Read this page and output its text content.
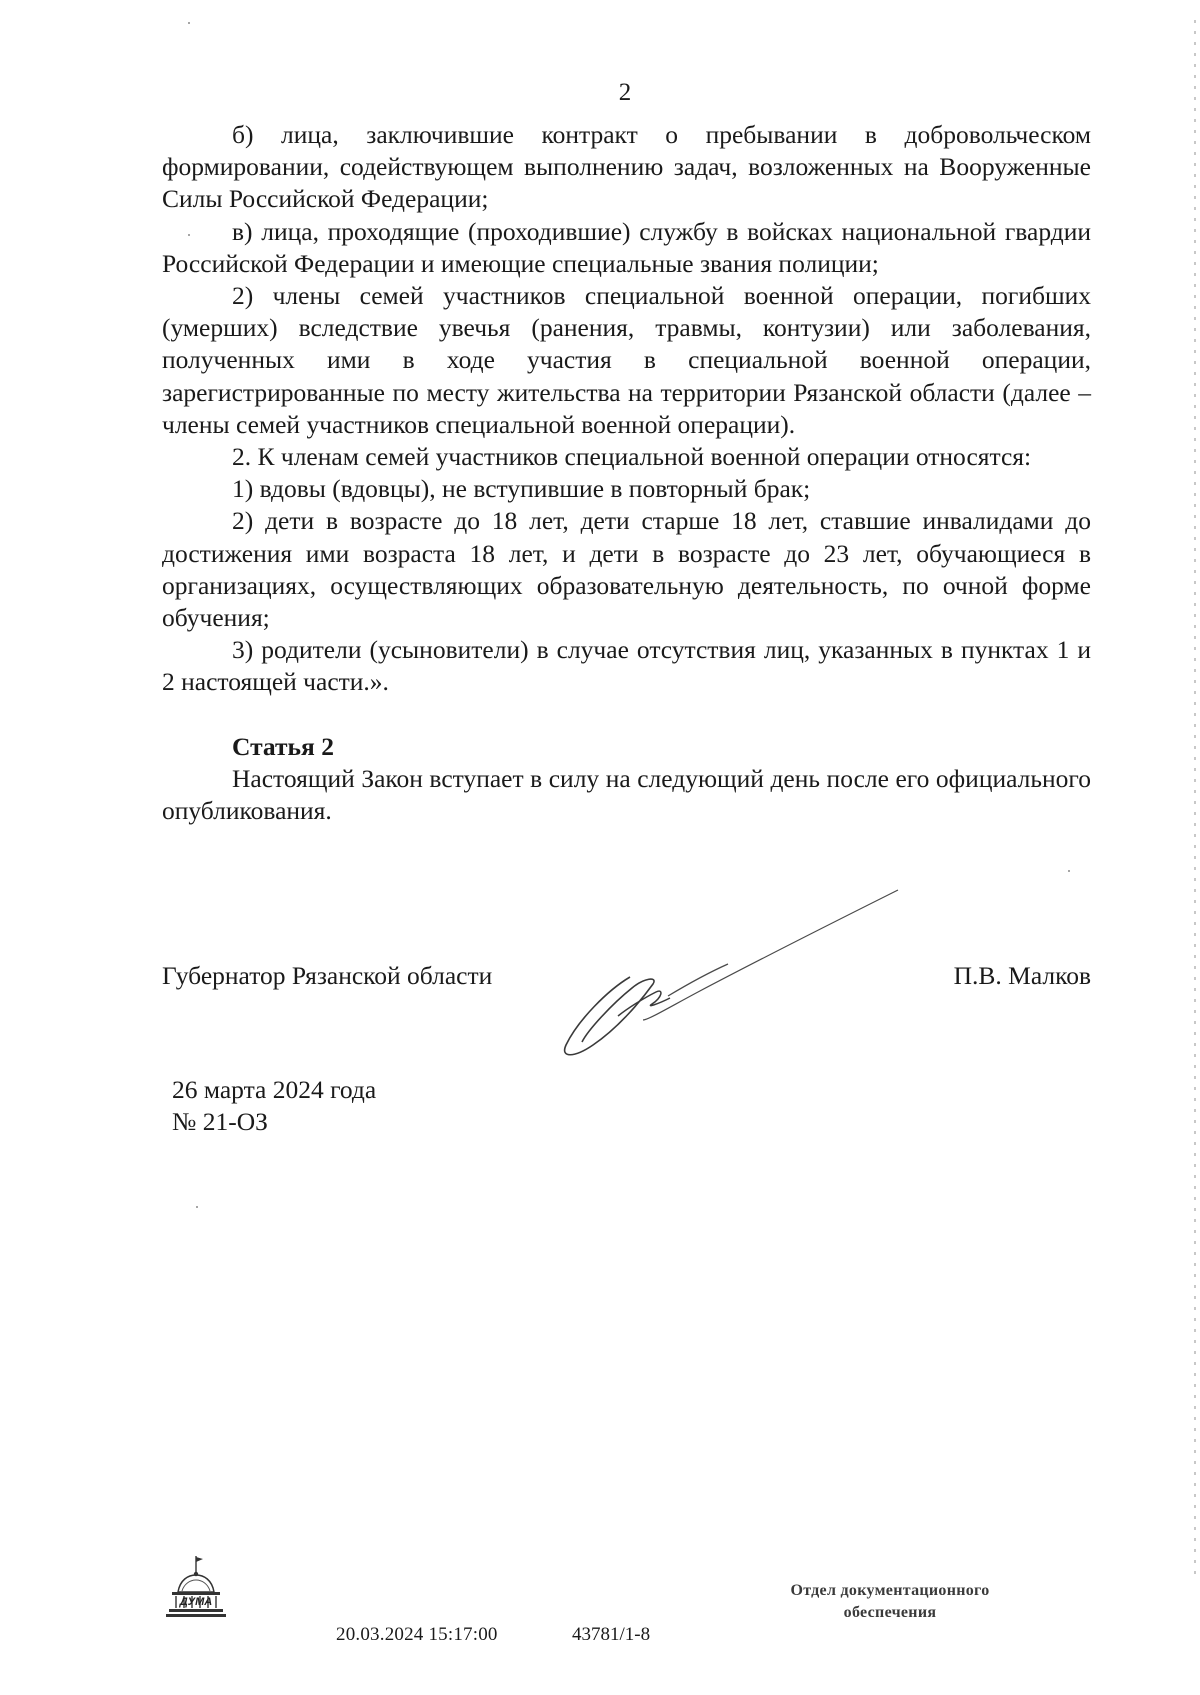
2

б) лица, заключившие контракт о пребывании в добровольческом формировании, содействующем выполнению задач, возложенных на Вооруженные Силы Российской Федерации;

в) лица, проходящие (проходившие) службу в войсках национальной гвардии Российской Федерации и имеющие специальные звания полиции;

2) члены семей участников специальной военной операции, погибших (умерших) вследствие увечья (ранения, травмы, контузии) или заболевания, полученных ими в ходе участия в специальной военной операции, зарегистрированные по месту жительства на территории Рязанской области (далее – члены семей участников специальной военной операции).

2. К членам семей участников специальной военной операции относятся:

1) вдовы (вдовцы), не вступившие в повторный брак;

2) дети в возрасте до 18 лет, дети старше 18 лет, ставшие инвалидами до достижения ими возраста 18 лет, и дети в возрасте до 23 лет, обучающиеся в организациях, осуществляющих образовательную деятельность, по очной форме обучения;

3) родители (усыновители) в случае отсутствия лиц, указанных в пунктах 1 и 2 настоящей части.».

Статья 2

Настоящий Закон вступает в силу на следующий день после его официального опубликования.

Губернатор Рязанской области	П.В. Малков
26 марта 2024 года
№ 21-ОЗ
ДУМА
20.03.2024 15:17:00	43781/1-8
Отдел документационного
обеспечения
